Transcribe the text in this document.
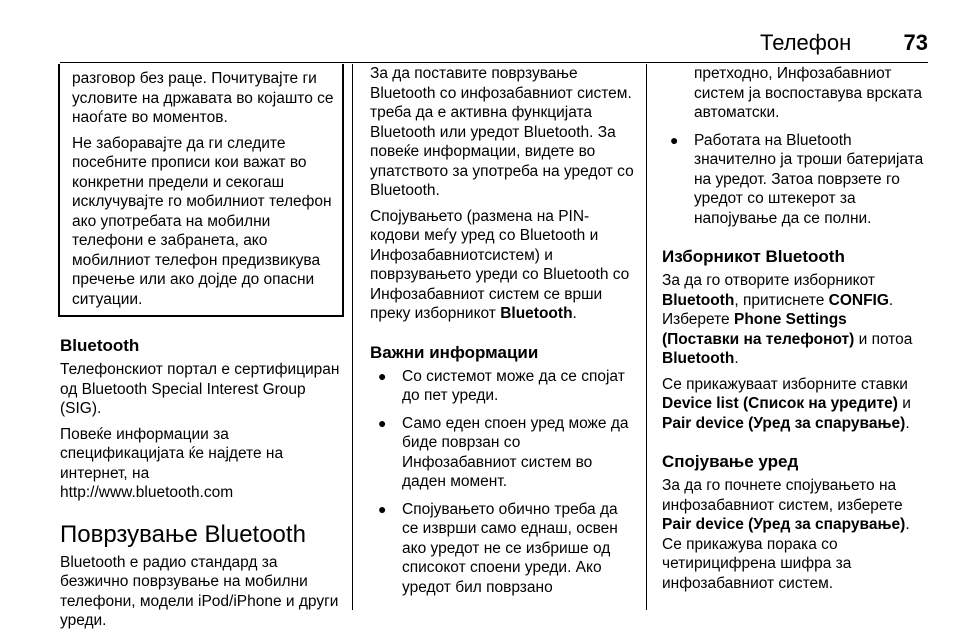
Телефон 73

разговор без раце. Почитувајте ги условите на државата во којашто се наоѓате во моментов.

Не заборавајте да ги следите посебните прописи кои важат во конкретни предели и секогаш исклучувајте го мобилниот телефон ако употребата на мобилни телефони е забранета, ако мобилниот телефон предизвикува пречење или ако дојде до опасни ситуации.

Bluetooth

Телефонскиот портал е сертифициран од Bluetooth Special Interest Group (SIG).

Повеќе информации за спецификацијата ќе најдете на интернет, на
http://www.bluetooth.com

Поврзување Bluetooth

Bluetooth е радио стандард за безжично поврзување на мобилни телефони, модели iPod/iPhone и други уреди.

За да поставите поврзување Bluetooth со инфозабавниот систем. треба да е активна функцијата Bluetooth или уредот Bluetooth. За повеќе информации, видете во упатството за употреба на уредот со Bluetooth.

Спојувањето (размена на PIN-кодови меѓу уред со Bluetooth и Инфозабавниотсистем) и поврзувањето уреди со Bluetooth со Инфозабавниот систем се врши преку изборникот Bluetooth.

Важни информации
● Со системот може да се спојат до пет уреди.
● Само еден споен уред може да биде поврзан со Инфозабавниот систем во даден момент.
● Спојувањето обично треба да се изврши само еднаш, освен ако уредот не се избрише од списокот споени уреди. Ако уредот бил поврзано
претходно, Инфозабавниот систем ја воспоставува врската автоматски.
● Работата на Bluetooth значително ја троши батеријата на уредот. Затоа поврзете го уредот со штекерот за напојување да се полни.
Изборникот Bluetooth

За да го отворите изборникот Bluetooth, притиснете CONFIG. Изберете Phone Settings (Поставки на телефонот) и потоа Bluetooth.

Се прикажуваат изборните ставки Device list (Список на уредите) и Pair device (Уред за спарување).

Спојување уред

За да го почнете спојувањето на инфозабавниот систем, изберете Pair device (Уред за спарување). Се прикажува порака со четирицифрена шифра за инфозабавниот систем.
